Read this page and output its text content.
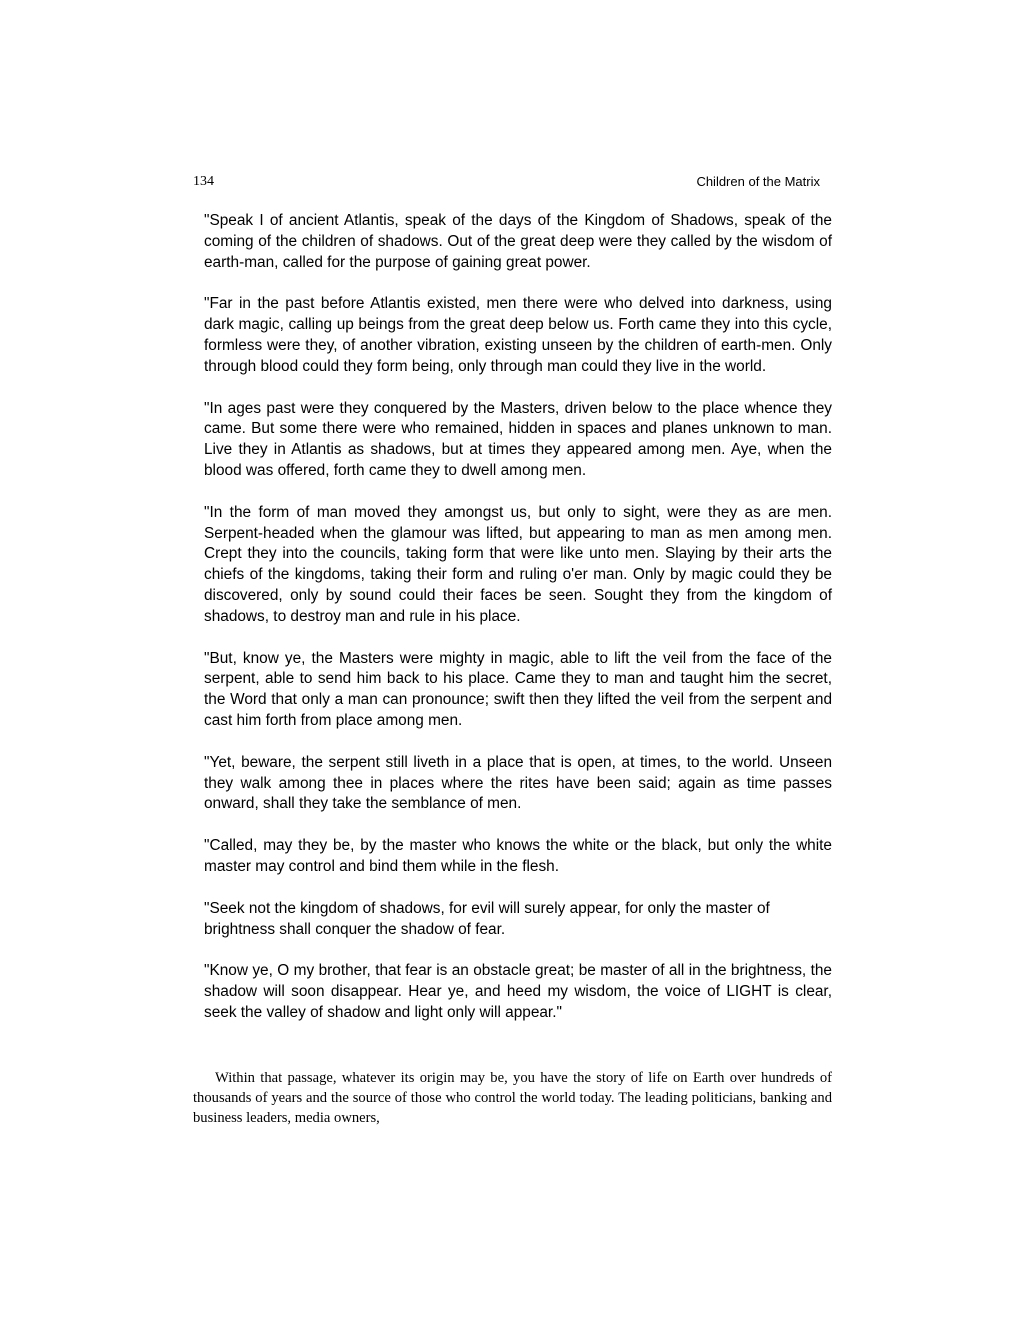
134	Children of the Matrix

"Speak I of ancient Atlantis, speak of the days of the Kingdom of Shadows, speak of the coming of the children of shadows. Out of the great deep were they called by the wisdom of earth-man, called for the purpose of gaining great power.

"Far in the past before Atlantis existed, men there were who delved into darkness, using dark magic, calling up beings from the great deep below us. Forth came they into this cycle, formless were they, of another vibration, existing unseen by the children of earth-men. Only through blood could they form being, only through man could they live in the world.

"In ages past were they conquered by the Masters, driven below to the place whence they came. But some there were who remained, hidden in spaces and planes unknown to man. Live they in Atlantis as shadows, but at times they appeared among men. Aye, when the blood was offered, forth came they to dwell among men.

"In the form of man moved they amongst us, but only to sight, were they as are men. Serpent-headed when the glamour was lifted, but appearing to man as men among men. Crept they into the councils, taking form that were like unto men. Slaying by their arts the chiefs of the kingdoms, taking their form and ruling o'er man. Only by magic could they be discovered, only by sound could their faces be seen. Sought they from the kingdom of shadows, to destroy man and rule in his place.

"But, know ye, the Masters were mighty in magic, able to lift the veil from the face of the serpent, able to send him back to his place. Came they to man and taught him the secret, the Word that only a man can pronounce; swift then they lifted the veil from the serpent and cast him forth from place among men.

"Yet, beware, the serpent still liveth in a place that is open, at times, to the world. Unseen they walk among thee in places where the rites have been said; again as time passes onward, shall they take the semblance of men.

"Called, may they be, by the master who knows the white or the black, but only the white master may control and bind them while in the flesh.

"Seek not the kingdom of shadows, for evil will surely appear, for only the master of brightness shall conquer the shadow of fear.

"Know ye, O my brother, that fear is an obstacle great; be master of all in the brightness, the shadow will soon disappear. Hear ye, and heed my wisdom, the voice of LIGHT is clear, seek the valley of shadow and light only will appear."

Within that passage, whatever its origin may be, you have the story of life on Earth over hundreds of thousands of years and the source of those who control the world today. The leading politicians, banking and business leaders, media owners,
